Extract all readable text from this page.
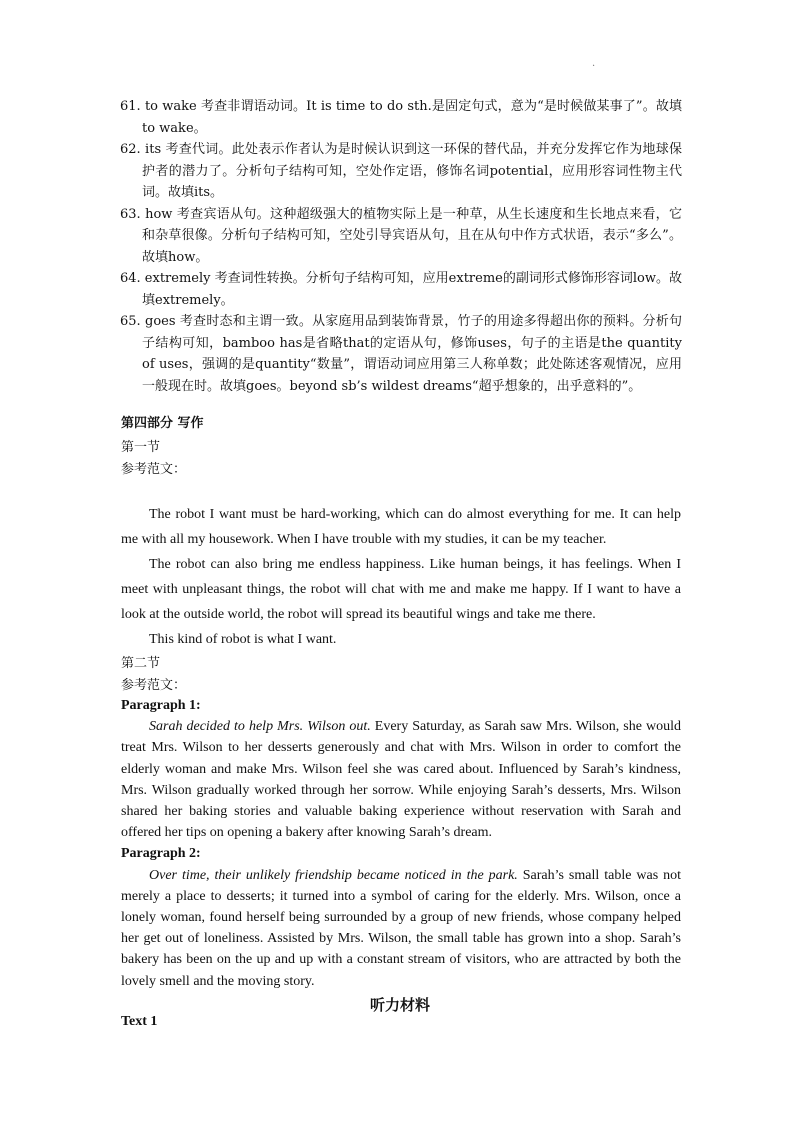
.
61. to wake 考查非谓语动词。It is time to do sth.是固定句式，意为“是时候做某事了”。故填to wake。
62. its 考查代词。此处表示作者认为是时候认识到这一环保的替代品，并充分发挥它作为地球保护者的潜力了。分析句子结构可知，空处作定语，修饰名词potential，应用形容词性物主代词。故填its。
63. how 考查宾语从句。这种超级强大的植物实际上是一种草，从生长速度和生长地点来看，它和杂草很像。分析句子结构可知，空处引导宾语从句，且在从句中作方式状语，表示“多么”。故填how。
64. extremely 考查词性转换。分析句子结构可知，应用extreme的副词形式修饰形容词low。故填extremely。
65. goes 考查时态和主谓一致。从家庭用品到装饰背景，竹子的用途多得超出你的预料。分析句子结构可知，bamboo has是省略that的定语从句，修饰uses，句子的主语是the quantity of uses，强调的是quantity“数量”，谓语动词应用第三人称单数；此处陈述客观情况，应用一般现在时。故填goes。beyond sb’s wildest dreams“超乎想象的，出乎意料的”。
第四部分 写作
第一节
参考范文：

The robot I want must be hard-working, which can do almost everything for me. It can help me with all my housework. When I have trouble with my studies, it can be my teacher.

The robot can also bring me endless happiness. Like human beings, it has feelings. When I meet with unpleasant things, the robot will chat with me and make me happy. If I want to have a look at the outside world, the robot will spread its beautiful wings and take me there.

This kind of robot is what I want.

第二节
参考范文：
Paragraph 1:

Sarah decided to help Mrs. Wilson out. Every Saturday, as Sarah saw Mrs. Wilson, she would treat Mrs. Wilson to her desserts generously and chat with Mrs. Wilson in order to comfort the elderly woman and make Mrs. Wilson feel she was cared about. Influenced by Sarah’s kindness, Mrs. Wilson gradually worked through her sorrow. While enjoying Sarah’s desserts, Mrs. Wilson shared her baking stories and valuable baking experience without reservation with Sarah and offered her tips on opening a bakery after knowing Sarah’s dream.

Paragraph 2:

Over time, their unlikely friendship became noticed in the park. Sarah’s small table was not merely a place to desserts; it turned into a symbol of caring for the elderly. Mrs. Wilson, once a lonely woman, found herself being surrounded by a group of new friends, whose company helped her get out of loneliness. Assisted by Mrs. Wilson, the small table has grown into a shop. Sarah’s bakery has been on the up and up with a constant stream of visitors, who are attracted by both the lovely smell and the moving story.

听力材料
Text 1
